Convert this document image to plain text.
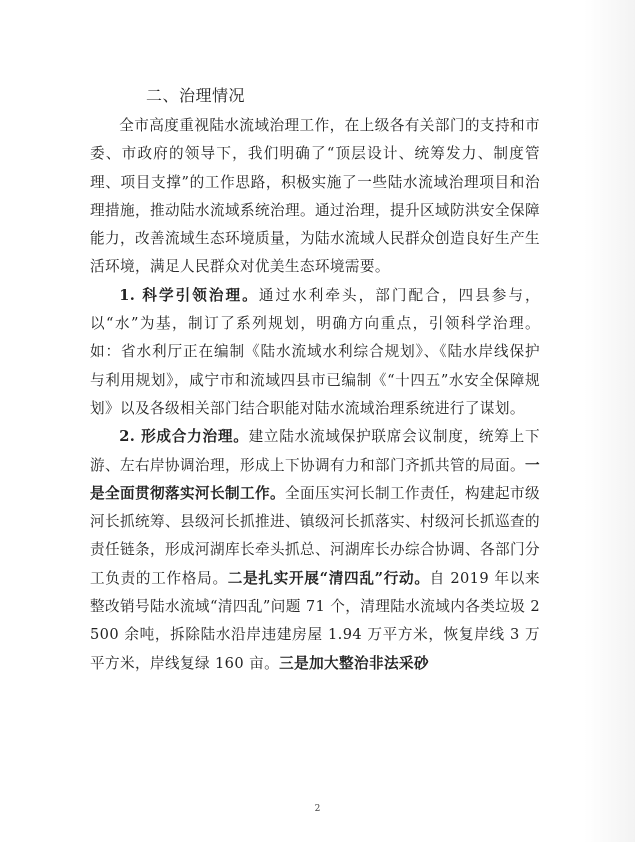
二、治理情况

全市高度重视陆水流域治理工作，在上级各有关部门的支持和市委、市政府的领导下，我们明确了“顶层设计、统筹发力、制度管理、项目支撑”的工作思路，积极实施了一些陆水流域治理项目和治理措施，推动陆水流域系统治理。通过治理，提升区域防洪安全保障能力，改善流域生态环境质量，为陆水流域人民群众创造良好生产生活环境，满足人民群众对优美生态环境需要。

1. 科学引领治理。通过水利牵头，部门配合，四县参与，以“水”为基，制订了系列规划，明确方向重点，引领科学治理。如：省水利厅正在编制《陆水流域水利综合规划》、《陆水岸线保护与利用规划》，咸宁市和流域四县市已编制《“十四五”水安全保障规划》以及各级相关部门结合职能对陆水流域治理系统进行了谋划。

2. 形成合力治理。建立陆水流域保护联席会议制度，统筹上下游、左右岸协调治理，形成上下协调有力和部门齐抓共管的局面。一是全面贯彻落实河长制工作。全面压实河长制工作责任，构建起市级河长抓统筹、县级河长抓推进、镇级河长抓落实、村级河长抓巡查的责任链条，形成河湖库长牵头抓总、河湖库长办综合协调、各部门分工负责的工作格局。二是扎实开展“清四乱”行动。自 2019 年以来整改销号陆水流域“清四乱”问题 71 个，清理陆水流域内各类垃圾 2500 余吨，拆除陆水沿岸违建房屋 1.94 万平方米，恢复岸线 3 万平方米，岸线复绿 160 亩。三是加大整治非法采砂

2
